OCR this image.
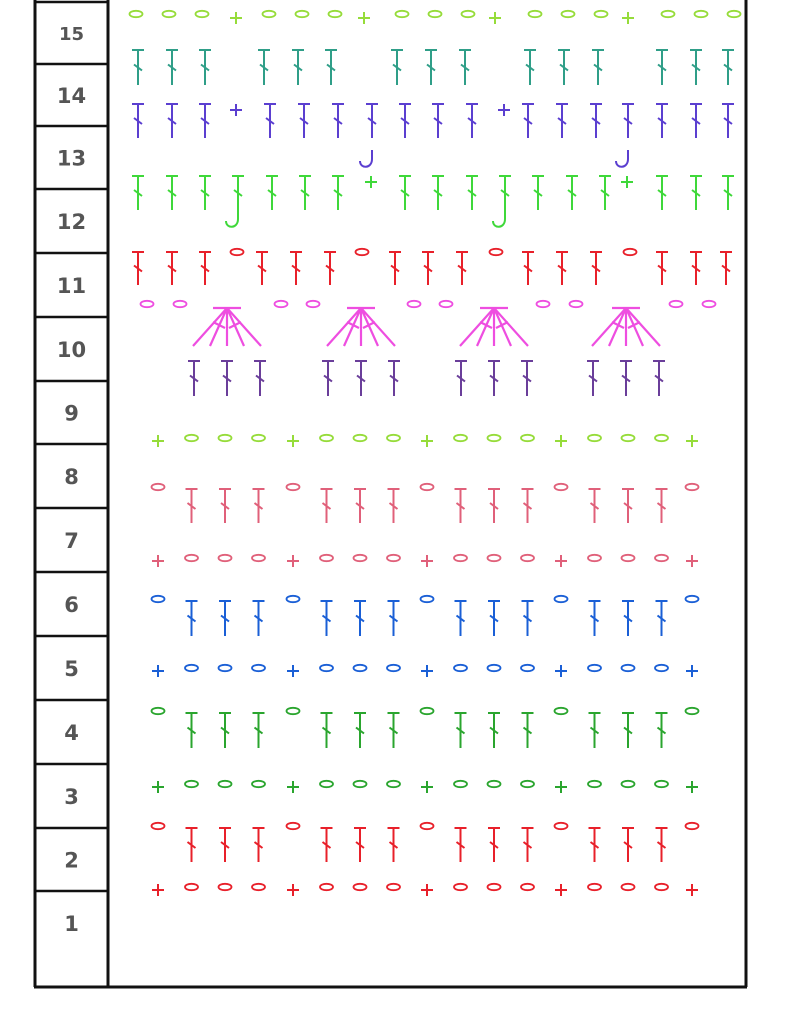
15
14
13
12
11
10
9
8
7
6
5
4
3
2
1
